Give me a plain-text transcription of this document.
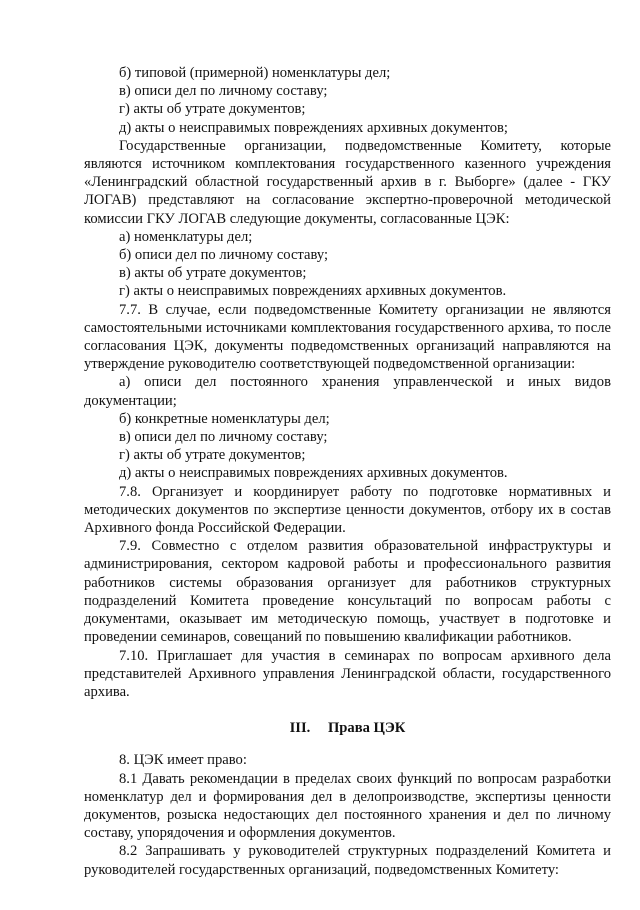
б) типовой (примерной) номенклатуры дел;

в) описи дел по личному составу;

г) акты об утрате документов;

д) акты о неисправимых повреждениях архивных документов;

Государственные организации, подведомственные Комитету, которые являются источником комплектования государственного казенного учреждения «Ленинградский областной государственный архив в г. Выборге» (далее - ГКУ ЛОГАВ) представляют на согласование экспертно-проверочной методической комиссии ГКУ ЛОГАВ следующие документы, согласованные ЦЭК:

а) номенклатуры дел;

б) описи дел по личному составу;

в) акты об утрате документов;

г) акты о неисправимых повреждениях архивных документов.

7.7. В случае, если подведомственные Комитету организации не являются самостоятельными источниками комплектования государственного архива, то после согласования ЦЭК, документы подведомственных организаций направляются на утверждение руководителю соответствующей подведомственной организации:

а) описи дел постоянного хранения управленческой и иных видов документации;

б) конкретные номенклатуры дел;

в) описи дел по личному составу;

г) акты об утрате документов;

д) акты о неисправимых повреждениях архивных документов.

7.8. Организует и координирует работу по подготовке нормативных и методических документов по экспертизе ценности документов, отбору их в состав Архивного фонда Российской Федерации.

7.9. Совместно с отделом развития образовательной инфраструктуры и администрирования, сектором кадровой работы и профессионального развития работников системы образования организует для работников структурных подразделений Комитета проведение консультаций по вопросам работы с документами, оказывает им методическую помощь, участвует в подготовке и проведении семинаров, совещаний по повышению квалификации работников.

7.10. Приглашает для участия в семинарах по вопросам архивного дела представителей Архивного управления Ленинградской области, государственного архива.

III. Права ЦЭК

8. ЦЭК имеет право:

8.1 Давать рекомендации в пределах своих функций по вопросам разработки номенклатур дел и формирования дел в делопроизводстве, экспертизы ценности документов, розыска недостающих дел постоянного хранения и дел по личному составу, упорядочения и оформления документов.

8.2 Запрашивать у руководителей структурных подразделений Комитета и руководителей государственных организаций, подведомственных Комитету:
